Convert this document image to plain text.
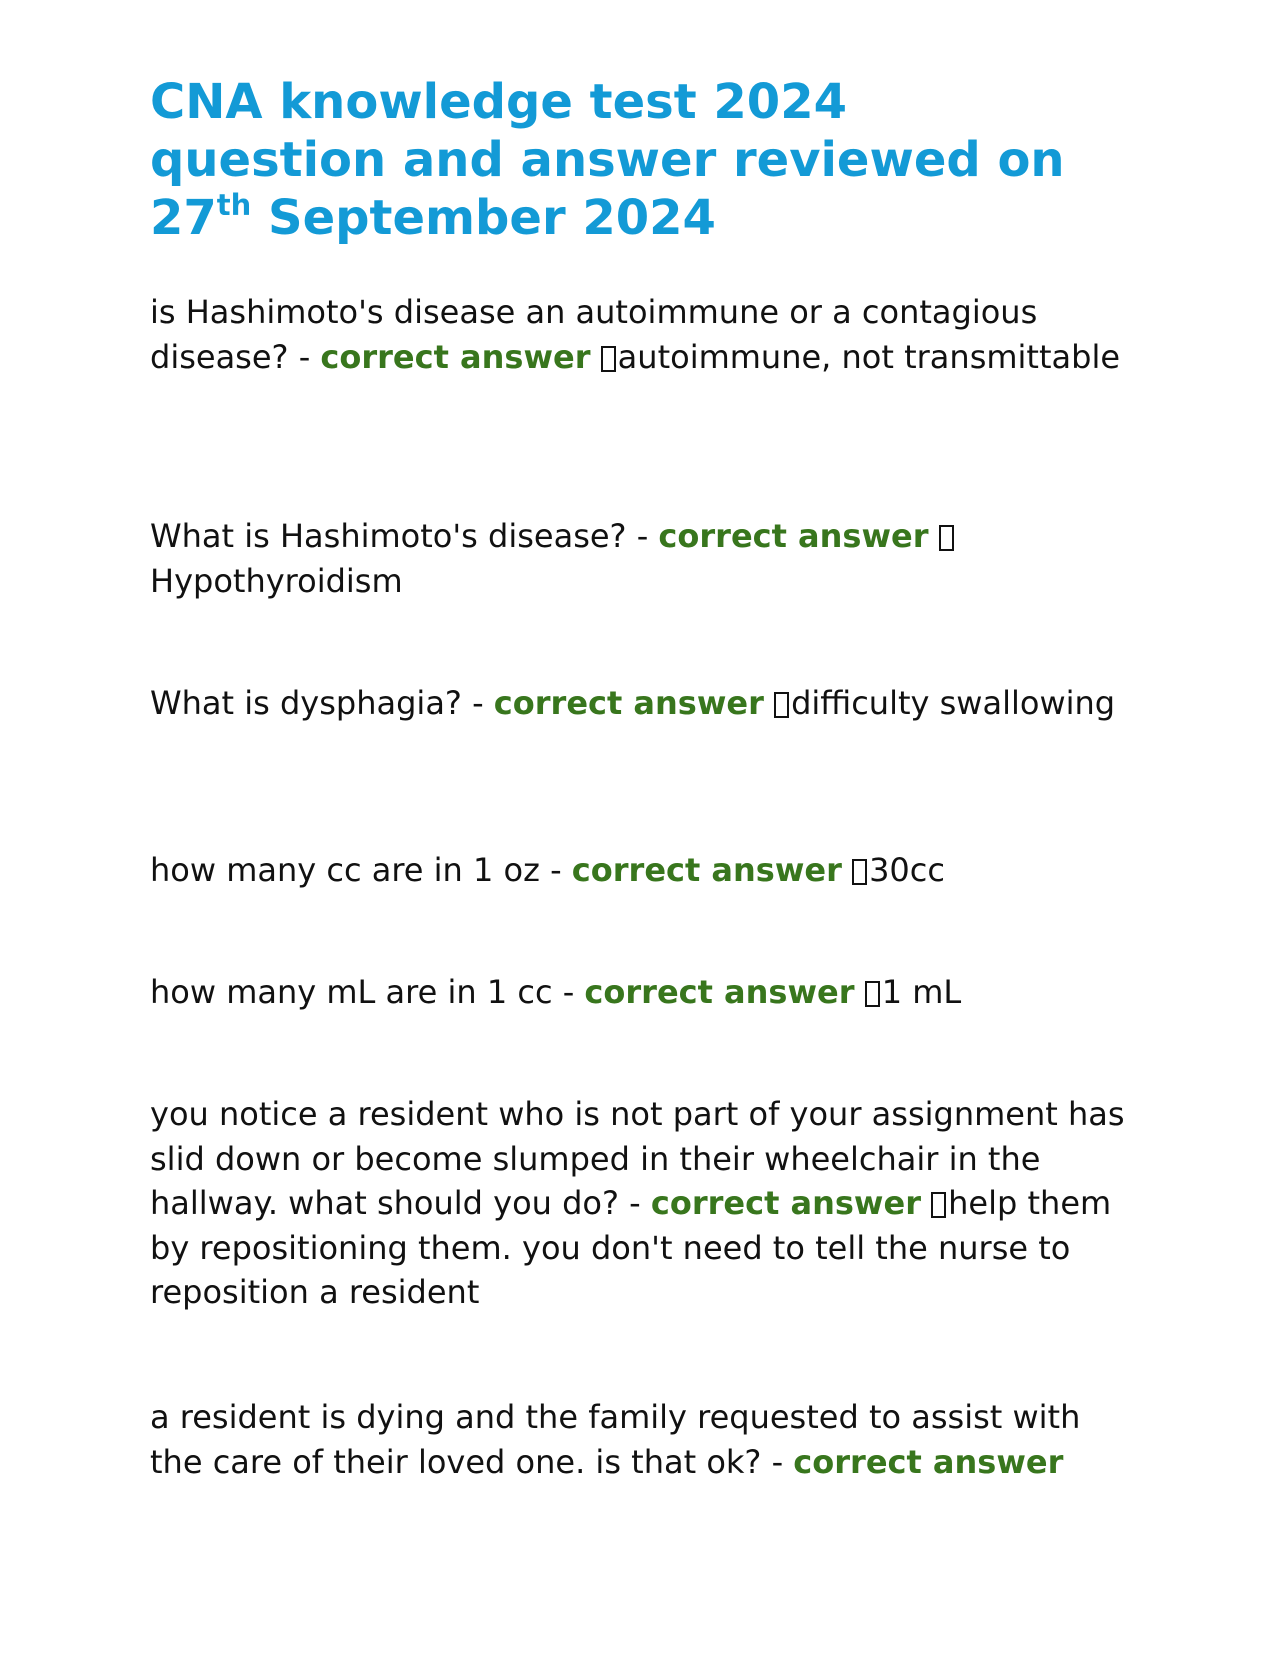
CNA knowledge test 2024
question and answer reviewed on
27th September 2024

is Hashimoto's disease an autoimmune or a contagious disease? - correct answer autoimmune, not transmittable

What is Hashimoto's disease? - correct answer Hypothyroidism

What is dysphagia? - correct answer difficulty swallowing

how many cc are in 1 oz - correct answer 30cc

how many mL are in 1 cc - correct answer 1 mL

you notice a resident who is not part of your assignment has slid down or become slumped in their wheelchair in the hallway. what should you do? - correct answer help them by repositioning them. you don't need to tell the nurse to reposition a resident

a resident is dying and the family requested to assist with the care of their loved one. is that ok? - correct answer
